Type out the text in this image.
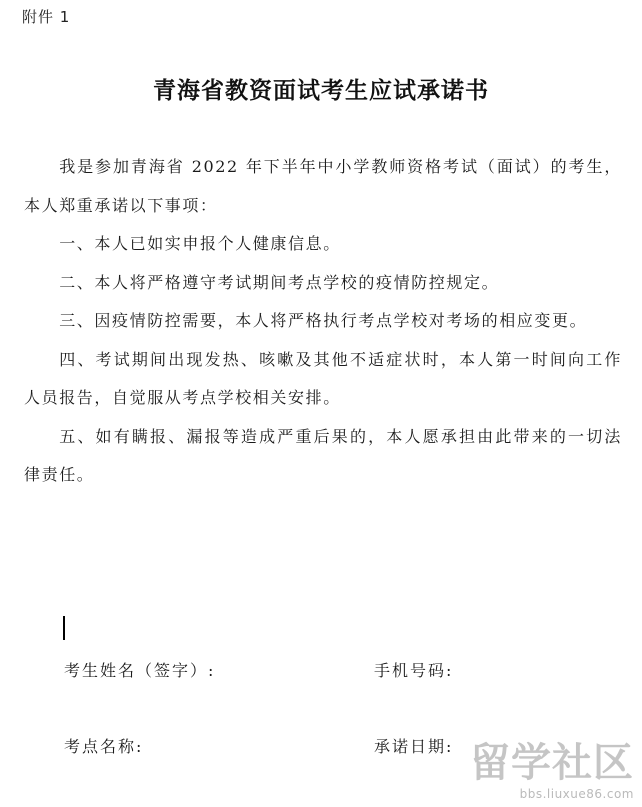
附件 1
青海省教资面试考生应试承诺书

我是参加青海省 2022 年下半年中小学教师资格考试（面试）的考生，本人郑重承诺以下事项：

一、本人已如实申报个人健康信息。

二、本人将严格遵守考试期间考点学校的疫情防控规定。

三、因疫情防控需要，本人将严格执行考点学校对考场的相应变更。

四、考试期间出现发热、咳嗽及其他不适症状时，本人第一时间向工作人员报告，自觉服从考点学校相关安排。

五、如有瞒报、漏报等造成严重后果的，本人愿承担由此带来的一切法律责任。

考生姓名（签字）:	手机号码:
考点名称:	承诺日期: 留学社区
bbs.liuxue86.com
